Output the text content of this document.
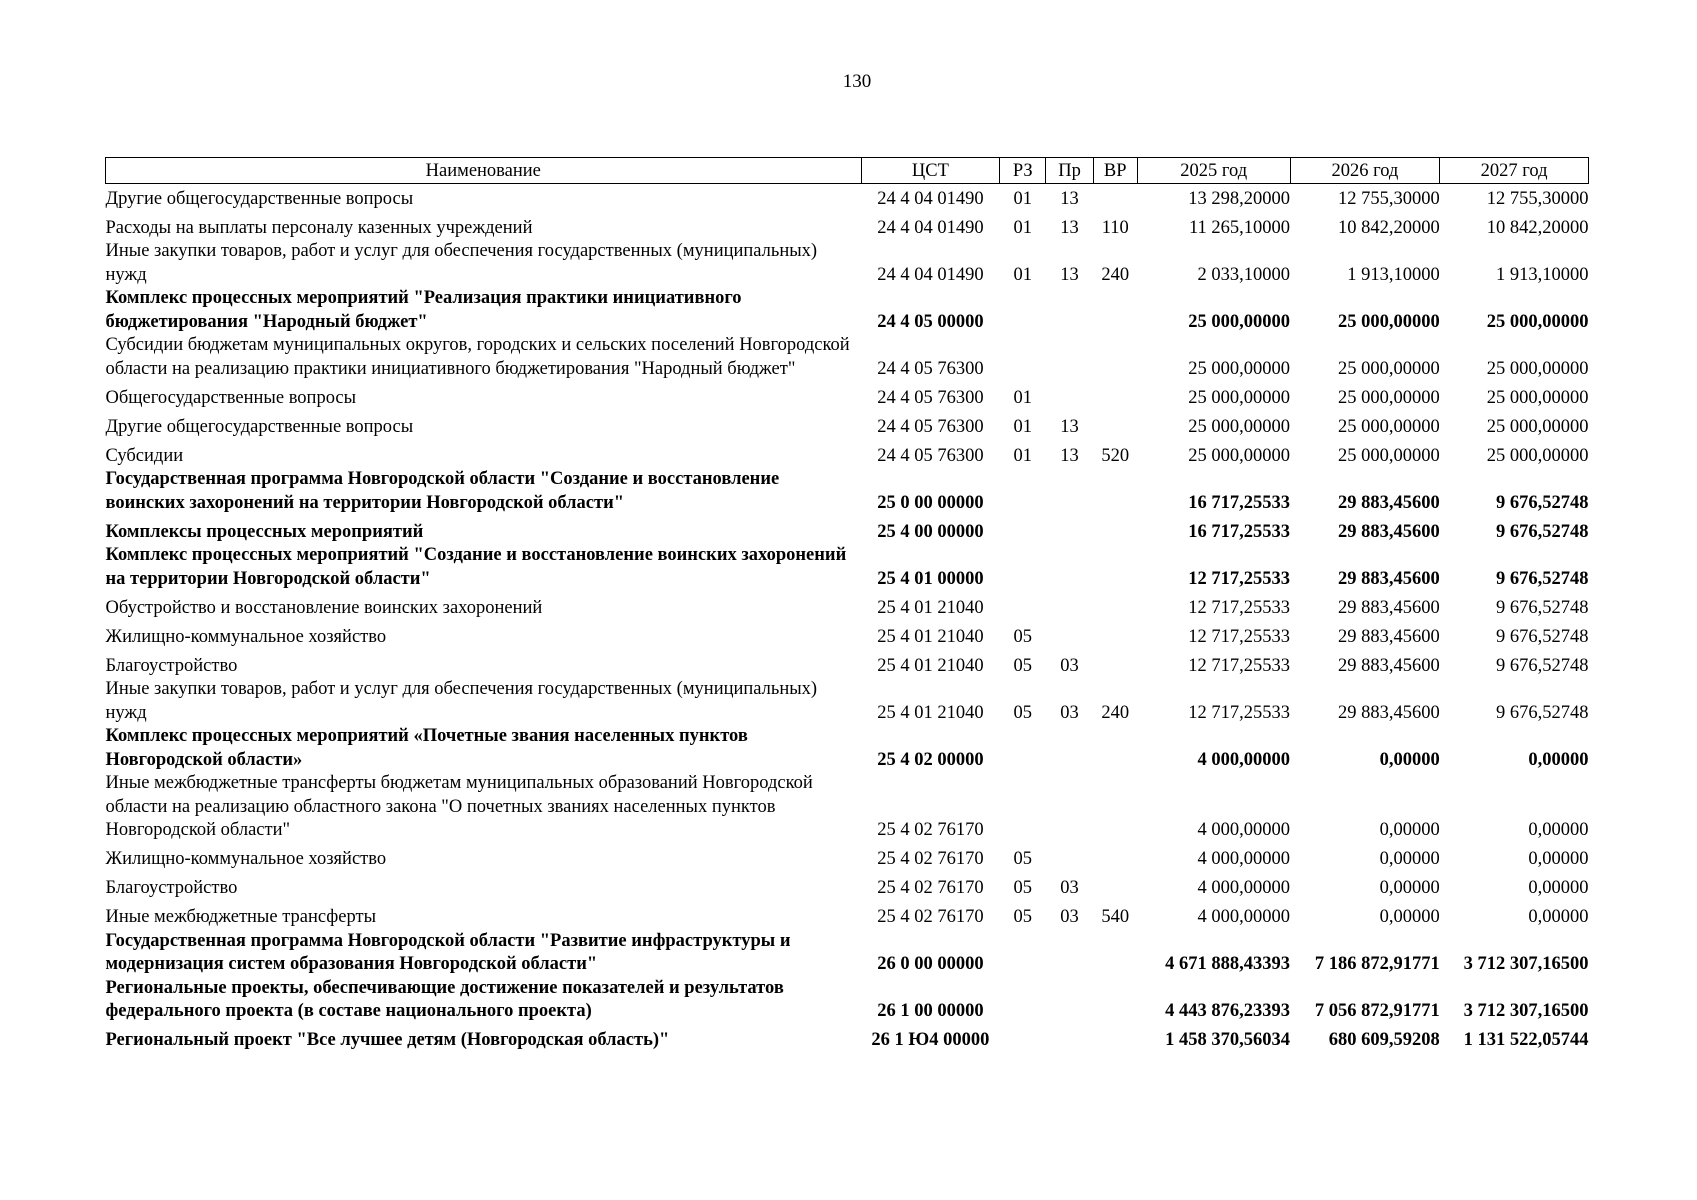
130
Наименование	ЦСТ	РЗ	Пр	ВР	2025 год	2026 год	2027 год
Другие общегосударственные вопросы	24 4 04 01490	01	13		13 298,20000	12 755,30000	12 755,30000
Расходы на выплаты персоналу казенных учреждений	24 4 04 01490	01	13	110	11 265,10000	10 842,20000	10 842,20000
Иные закупки товаров, работ и услуг для обеспечения государственных (муниципальных) нужд	24 4 04 01490	01	13	240	2 033,10000	1 913,10000	1 913,10000
Комплекс процессных мероприятий "Реализация практики инициативного бюджетирования "Народный бюджет"	24 4 05 00000				25 000,00000	25 000,00000	25 000,00000
Субсидии бюджетам муниципальных округов, городских и сельских поселений Новгородской области на реализацию практики инициативного бюджетирования "Народный бюджет"	24 4 05 76300				25 000,00000	25 000,00000	25 000,00000
Общегосударственные вопросы	24 4 05 76300	01			25 000,00000	25 000,00000	25 000,00000
Другие общегосударственные вопросы	24 4 05 76300	01	13		25 000,00000	25 000,00000	25 000,00000
Субсидии	24 4 05 76300	01	13	520	25 000,00000	25 000,00000	25 000,00000
Государственная программа Новгородской области "Создание и восстановление воинских захоронений на территории Новгородской области"	25 0 00 00000				16 717,25533	29 883,45600	9 676,52748
Комплексы процессных мероприятий	25 4 00 00000				16 717,25533	29 883,45600	9 676,52748
Комплекс процессных мероприятий "Создание и восстановление воинских захоронений на территории Новгородской области"	25 4 01 00000				12 717,25533	29 883,45600	9 676,52748
Обустройство и восстановление воинских захоронений	25 4 01 21040				12 717,25533	29 883,45600	9 676,52748
Жилищно-коммунальное хозяйство	25 4 01 21040	05			12 717,25533	29 883,45600	9 676,52748
Благоустройство	25 4 01 21040	05	03		12 717,25533	29 883,45600	9 676,52748
Иные закупки товаров, работ и услуг для обеспечения государственных (муниципальных) нужд	25 4 01 21040	05	03	240	12 717,25533	29 883,45600	9 676,52748
Комплекс процессных мероприятий «Почетные звания населенных пунктов Новгородской области»	25 4 02 00000				4 000,00000	0,00000	0,00000
Иные межбюджетные трансферты бюджетам муниципальных образований Новгородской области на реализацию областного закона "О почетных званиях населенных пунктов Новгородской области"	25 4 02 76170				4 000,00000	0,00000	0,00000
Жилищно-коммунальное хозяйство	25 4 02 76170	05			4 000,00000	0,00000	0,00000
Благоустройство	25 4 02 76170	05	03		4 000,00000	0,00000	0,00000
Иные межбюджетные трансферты	25 4 02 76170	05	03	540	4 000,00000	0,00000	0,00000
Государственная программа Новгородской области "Развитие инфраструктуры и модернизация систем образования Новгородской области"	26 0 00 00000				4 671 888,43393	7 186 872,91771	3 712 307,16500
Региональные проекты, обеспечивающие достижение показателей и результатов федерального проекта (в составе национального проекта)	26 1 00 00000				4 443 876,23393	7 056 872,91771	3 712 307,16500
Региональный проект "Все лучшее детям (Новгородская область)"	26 1 Ю4 00000				1 458 370,56034	680 609,59208	1 131 522,05744
